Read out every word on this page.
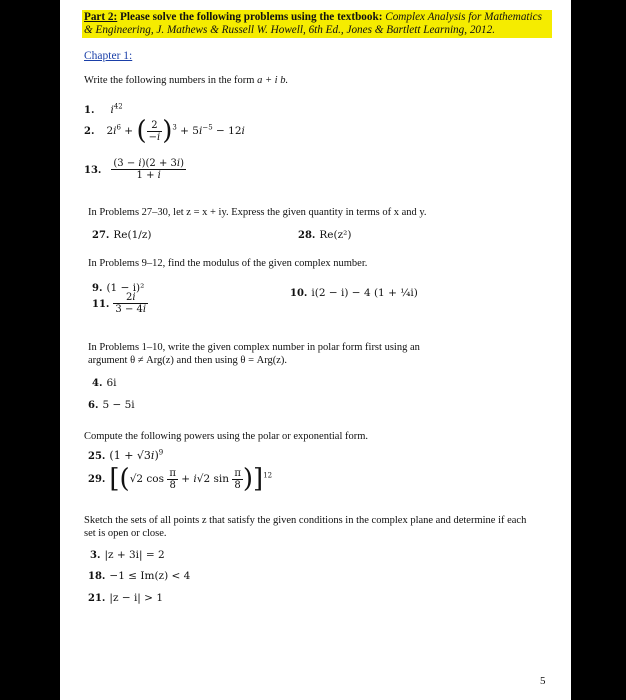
Part 2: Please solve the following problems using the textbook: Complex Analysis for Mathematics & Engineering, J. Mathews & Russell W. Howell, 6th Ed., Jones & Bartlett Learning, 2012.
Chapter 1:
Write the following numbers in the form a + i b.
1. $i^{42}$
2. $2i^6$ + ( $\frac{2}{-i} )^3 + 5i^{-5} - 12i$
13. $\frac{(3 - i)(2 + 3i)}{1 + i}$
In Problems 27–30, let z = x + iy. Express the given quantity in terms of x and y.
27. Re(1/z)	28. Re(z²)
In Problems 9–12, find the modulus of the given complex number.
9. (1 − i)²	10. i(2 − i) − 4 (1 + ¼i)
11. $\frac{2i}{3 - 4i}$
In Problems 1–10, write the given complex number in polar form first using an
argument θ ≠ Arg(z) and then using θ = Arg(z).
4. 6i
6. 5 − 5i
Compute the following powers using the polar or exponential form.
25. $(1 + √3i)^9$
29. [(√2 $\cos \frac{\pi}{8} + i√2$ $\sin \frac{\pi}{8} )]^{12}$
Sketch the sets of all points z that satisfy the given conditions in the complex plane and determine if each
set is open or close.
3. |z + 3i| = 2
18. −1 ≤ Im(z) < 4
21. |z − i| > 1
5
